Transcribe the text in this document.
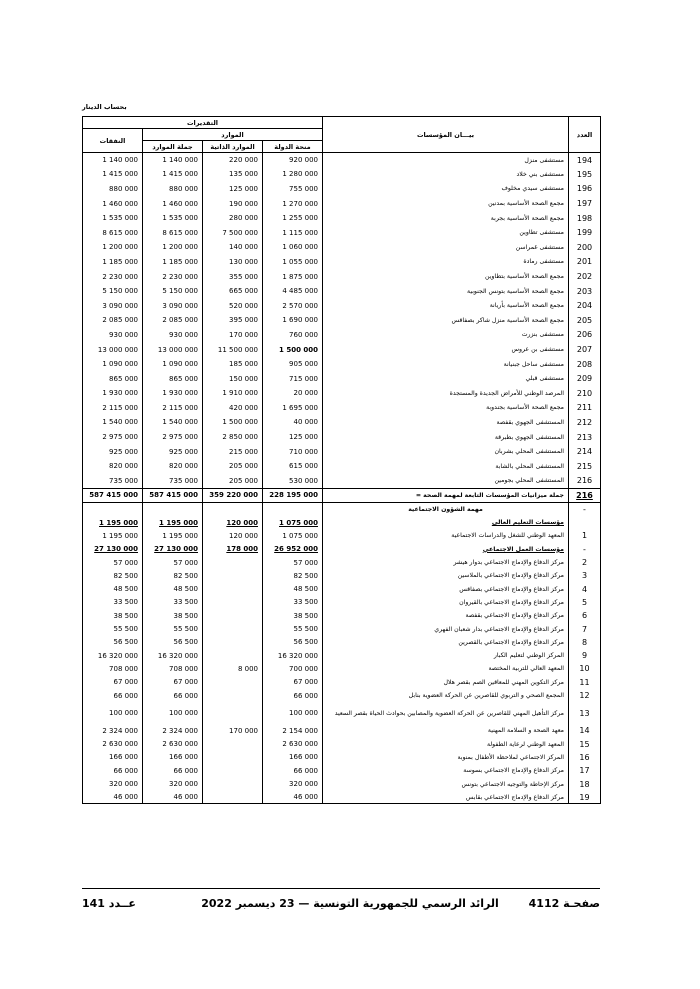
بحساب الدينار
التقديرات				بيـــان المؤسسات	العدد
النفقات	الموارد				
	جملة الموارد	الموارد الذاتية	منحة الدولة		
1 140 000	1 140 000	220 000	920 000	مستشفى منزل	194
1 415 000	1 415 000	135 000	1 280 000	مستشفى بني خلاد	195
880 000	880 000	125 000	755 000	مستشفى سيدي مخلوف	196
1 460 000	1 460 000	190 000	1 270 000	مجمع الصحة الأساسية بمدنين	197
1 535 000	1 535 000	280 000	1 255 000	مجمع الصحة الأساسية بجربة	198
8 615 000	8 615 000	7 500 000	1 115 000	مستشفى تطاوين	199
1 200 000	1 200 000	140 000	1 060 000	مستشفى غمراسن	200
1 185 000	1 185 000	130 000	1 055 000	مستشفى رمادة	201
2 230 000	2 230 000	355 000	1 875 000	مجمع الصحة الأساسية بتطاوين	202
5 150 000	5 150 000	665 000	4 485 000	مجمع الصحة الأساسية بتونس الجنوبية	203
3 090 000	3 090 000	520 000	2 570 000	مجمع الصحة الأساسية بأريانة	204
2 085 000	2 085 000	395 000	1 690 000	مجمع الصحة الأساسية منزل شاكر بصفاقس	205
930 000	930 000	170 000	760 000	مستشفى بنزرت	206
13 000 000	13 000 000	11 500 000	1 500 000	مستشفى بن عروس	207
1 090 000	1 090 000	185 000	905 000	مستشفى ساحل جبنيانة	208
865 000	865 000	150 000	715 000	مستشفى قبلي	209
1 930 000	1 930 000	1 910 000	20 000	المرصد الوطني للأمراض الجديدة والمستجدة	210
2 115 000	2 115 000	420 000	1 695 000	مجمع الصحة الأساسية بجندوبة	211
1 540 000	1 540 000	1 500 000	40 000	المستشفى الجهوي بقفصة	212
2 975 000	2 975 000	2 850 000	125 000	المستشفى الجهوي بطبرقة	213
925 000	925 000	215 000	710 000	المستشفى المحلي بشربان	214
820 000	820 000	205 000	615 000	المستشفى المحلي بالشابة	215
735 000	735 000	205 000	530 000	المستشفى المحلي بجومين	216
587 415 000	587 415 000	359 220 000	228 195 000	جملة ميزانيات المؤسسات التابعة لمهمة الصحة =	216
				مهمة الشؤون الاجتماعية	-
1 195 000	1 195 000	120 000	1 075 000	مؤسسات التعليم العالي	
1 195 000	1 195 000	120 000	1 075 000	المعهد الوطني للشغل والدراسات الاجتماعية	1
27 130 000	27 130 000	178 000	26 952 000	مؤسسات العمل الاجتماعي	-
57 000	57 000		57 000	مركز الدفاع والإدماج الاجتماعي بدوار هيشر	2
82 500	82 500		82 500	مركز الدفاع والإدماج الاجتماعي بالملاسين	3
48 500	48 500		48 500	مركز الدفاع والإدماج الاجتماعي بصفاقس	4
33 500	33 500		33 500	مركز الدفاع والإدماج الاجتماعي بالقيروان	5
38 500	38 500		38 500	مركز الدفاع والإدماج الاجتماعي بقفصة	6
55 500	55 500		55 500	مركز الدفاع والإدماج الاجتماعي بدار شعبان الفهري	7
56 500	56 500		56 500	مركز الدفاع والإدماج الاجتماعي بالقصرين	8
16 320 000	16 320 000		16 320 000	المركز الوطني لتعليم الكبار	9
708 000	708 000	8 000	700 000	المعهد العالي للتربية المختصة	10
67 000	67 000		67 000	مركز التكوين المهني للمعاقين الصم بقصر هلال	11
66 000	66 000		66 000	المجمع الصحي و التربوي للقاصرين عن الحركة العضوية بنابل	12
100 000	100 000		100 000	مركز التأهيل المهني للقاصرين عن الحركة العضوية والمصابين بحوادث الحياة بقصر السعيد	13
2 324 000	2 324 000	170 000	2 154 000	معهد الصحة و السلامة المهنية	14
2 630 000	2 630 000		2 630 000	المعهد الوطني لرعاية الطفولة	15
166 000	166 000		166 000	المركز الاجتماعي لملاحظة الأطفال بمنوبة	16
66 000	66 000		66 000	مركز الدفاع والإدماج الاجتماعي بسوسة	17
320 000	320 000		320 000	مركز الإحاطة والتوجيه الاجتماعي بتونس	18
46 000	46 000		46 000	مركز الدفاع والإدماج الاجتماعي بقابس	19
عــدد 141	الرائد الرسمي للجمهورية التونسية — 23 ديسمبر 2022	صفحـة 4112
